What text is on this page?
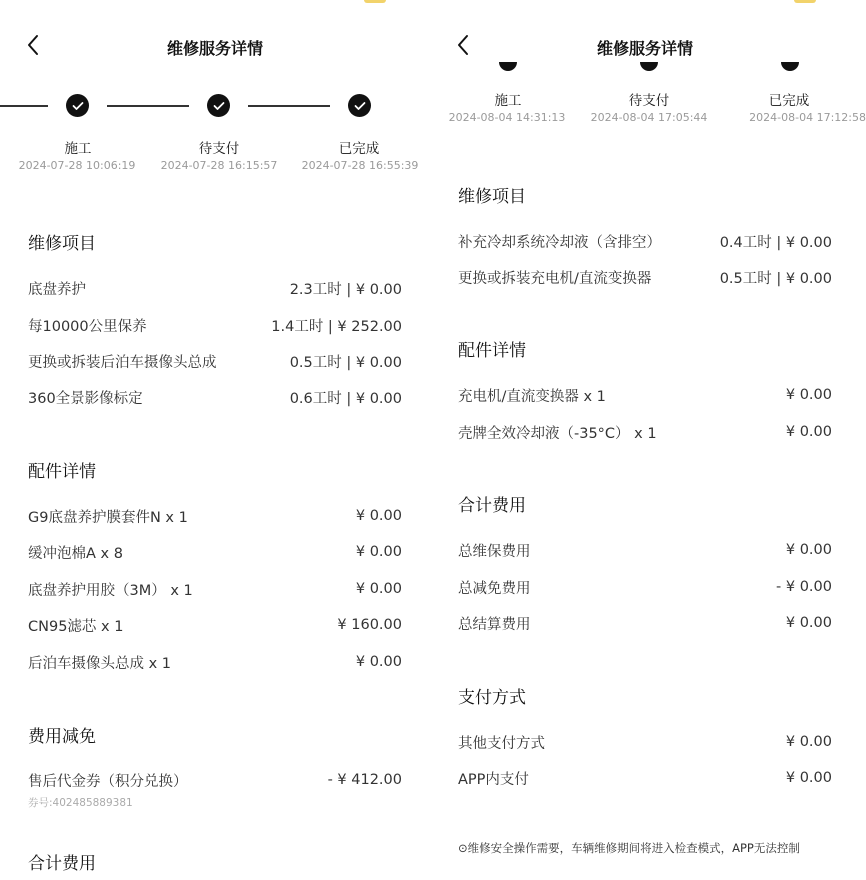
维修服务详情
施工	待支付	已完成
2024-07-28 10:06:19	2024-07-28 16:15:57	2024-07-28 16:55:39
维修项目
底盘养护	2.3工时 | ¥ 0.00
每10000公里保养	1.4工时 | ¥ 252.00
更换或拆装后泊车摄像头总成	0.5工时 | ¥ 0.00
360全景影像标定	0.6工时 | ¥ 0.00
配件详情
G9底盘养护膜套件N x 1	¥ 0.00
缓冲泡棉A x 8	¥ 0.00
底盘养护用胶（3M） x 1	¥ 0.00
CN95滤芯 x 1	¥ 160.00
后泊车摄像头总成 x 1	¥ 0.00
费用减免
售后代金券（积分兑换）	- ¥ 412.00
券号:402485889381
合计费用
维修服务详情
施工	待支付	已完成
2024-08-04 14:31:13	2024-08-04 17:05:44	2024-08-04 17:12:58
维修项目
补充冷却系统冷却液（含排空）	0.4工时 | ¥ 0.00
更换或拆装充电机/直流变换器	0.5工时 | ¥ 0.00
配件详情
充电机/直流变换器 x 1	¥ 0.00
壳牌全效冷却液（-35°C） x 1	¥ 0.00
合计费用
总维保费用	¥ 0.00
总减免费用	- ¥ 0.00
总结算费用	¥ 0.00
支付方式
其他支付方式	¥ 0.00
APP内支付	¥ 0.00
⊙维修安全操作需要，车辆维修期间将进入检查模式，APP无法控制
